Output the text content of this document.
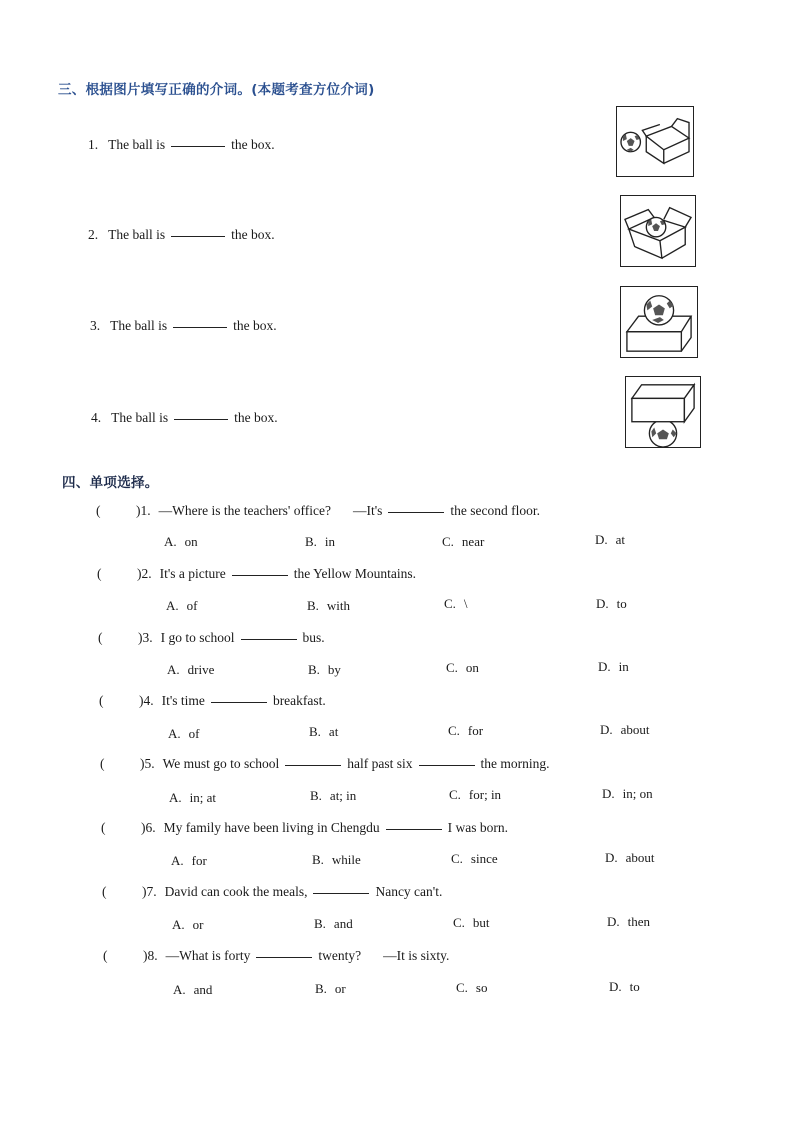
三、根据图片填写正确的介词。(本题考查方位介词)
1. The ball is	the box.
2. The ball is	the box.
3. The ball is	the box.
4. The ball is	the box.
四、单项选择。
(	)1. —Where is the teachers' office? —It's	the second floor.
A. on	B. in	C. near	D. at
(	)2. It's a picture	the Yellow Mountains.
A. of	B. with	C. \	D. to
(	)3. I go to school	bus.
A. drive	B. by	C. on	D. in
(	)4. It's time	breakfast.
A. of	B. at	C. for	D. about
(	)5. We must go to school	half past six	the morning.
A. in; at	B. at; in	C. for; in	D. in; on
(	)6. My family have been living in Chengdu	I was born.
A. for	B. while	C. since	D. about
(	)7. David can cook the meals,	Nancy can't.
A. or	B. and	C. but	D. then
(	)8. —What is forty	twenty? —It is sixty.
A. and	B. or	C. so	D. to
